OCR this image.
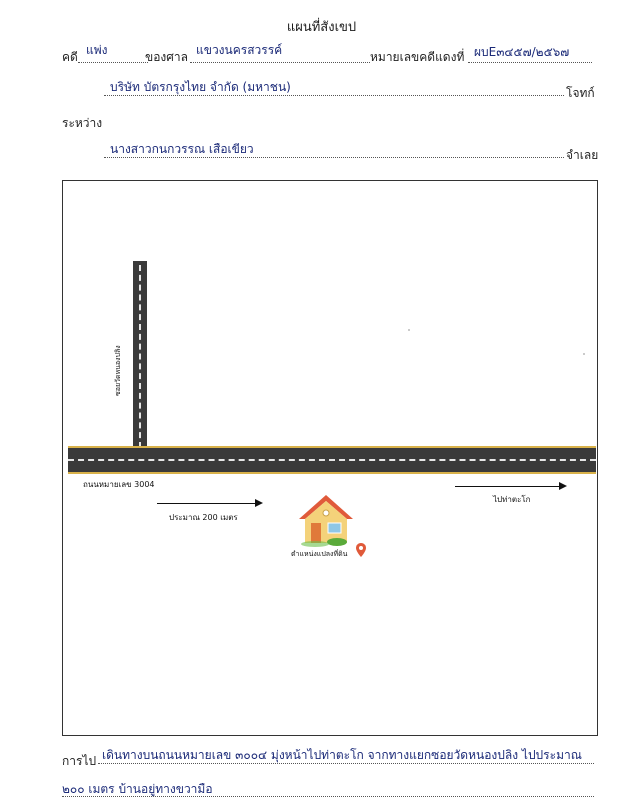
แผนที่สังเขป
คดี แพ่ง	ของศาล แขวงนครสวรรค์	หมายเลขคดีแดงที่ ผบE๓๔๕๗/๒๕๖๗
บริษัท บัตรกรุงไทย จำกัด (มหาชน)	โจทก์
ระหว่าง
นางสาวกนกวรรณ เสือเขียว	จำเลย
ซอยวัดหนองปลิง
ถนนหมายเลข 3004
ประมาณ 200 เมตร
ไปท่าตะโก
ตำแหน่งแปลงที่ดิน
การไป เดินทางบนถนนหมายเลข ๓๐๐๔ มุ่งหน้าไปท่าตะโก จากทางแยกซอยวัดหนองปลิง ไปประมาณ
๒๐๐ เมตร บ้านอยู่ทางขวามือ
